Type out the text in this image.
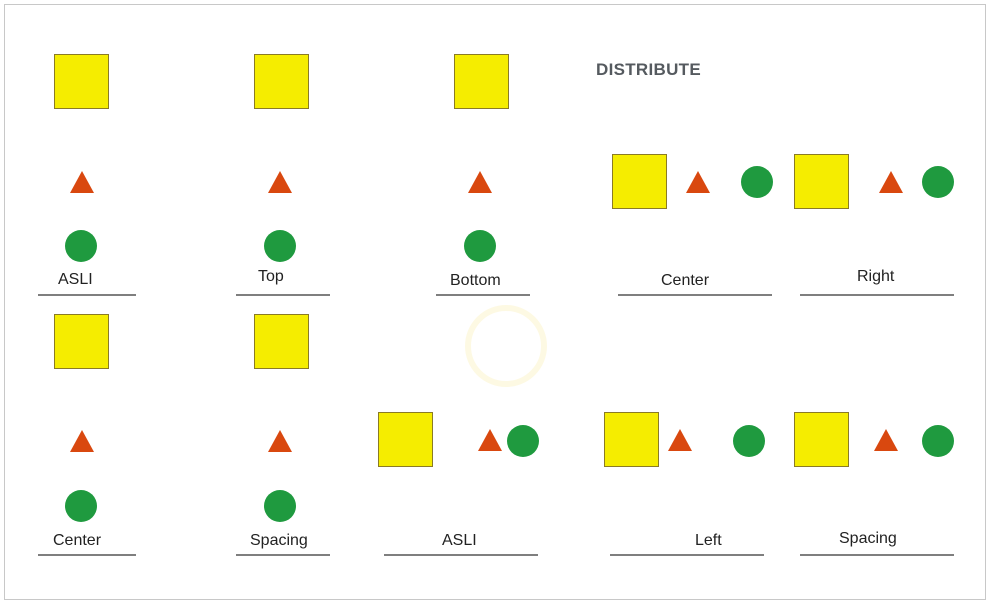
DISTRIBUTE
ASLI	Top	Bottom	Center	Right
Center	Spacing	ASLI	Left	Spacing
